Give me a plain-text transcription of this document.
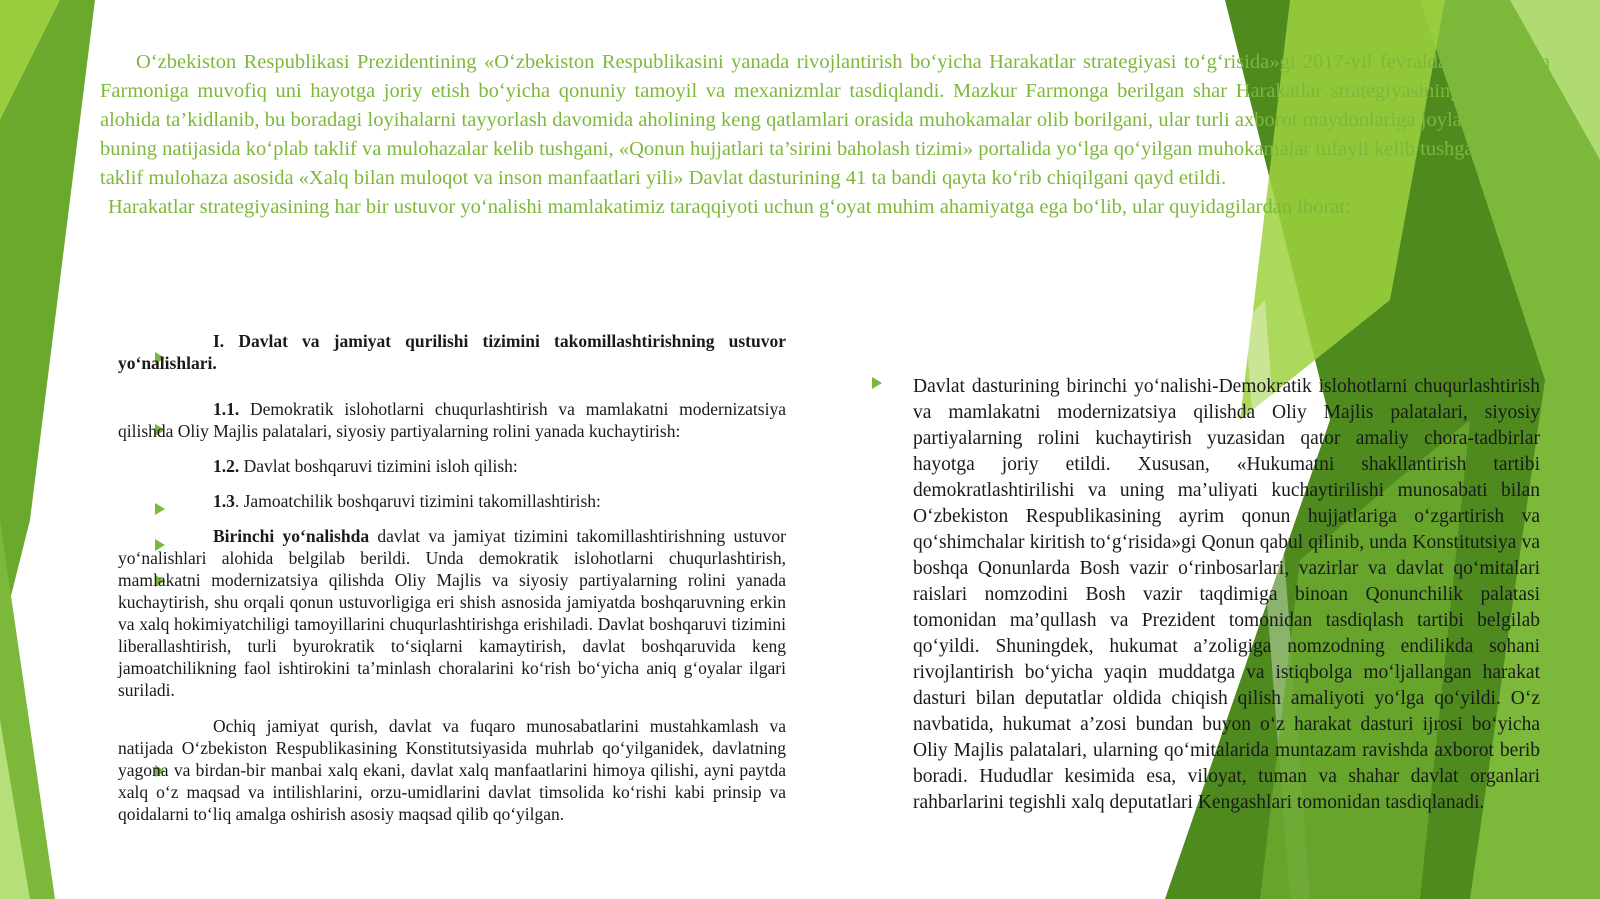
O‘zbekiston Respublikasi Prezidentining «O‘zbekiston Respublikasini yanada rivojlantirish bo‘yicha Harakatlar strategiyasi to‘g‘risida»gi 2017-yil fevralda imzolangan Farmoniga muvofiq uni hayotga joriy etish bo‘yicha qonuniy tamoyil va mexanizmlar tasdiqlandi. Mazkur Farmonga berilgan shar Harakatlar strategiyasining aqamiyati alohida ta’kidlanib, bu boradagi loyihalarni tayyorlash davomida aholining keng qatlamlari orasida muhokamalar olib borilgani, ular turli axborot maydonlariga joylashtirilgani, buning natijasida ko‘plab taklif va mulohazalar kelib tushgani, «Qonun hujjatlari ta’sirini baholash tizimi» portalida yo‘lga qo‘yilgan muhokamalar tufayli kelib tushgan 1310 ta taklif mulohaza asosida «Xalq bilan muloqot va inson manfaatlari yili» Davlat dasturining 41 ta bandi qayta ko‘rib chiqilgani qayd etildi.

Harakatlar strategiyasining har bir ustuvor yo‘nalishi mamlakatimiz taraqqiyoti uchun g‘oyat muhim ahamiyatga ega bo‘lib, ular quyidagilardan iborat:

I. Davlat va jamiyat qurilishi tizimini takomillashtirishning ustuvor yo‘nalishlari.

1.1. Demokratik islohotlarni chuqurlashtirish va mamlakatni modernizatsiya qilishda Oliy Majlis palatalari, siyosiy partiyalarning rolini yanada kuchaytirish:

1.2. Davlat boshqaruvi tizimini isloh qilish:

1.3. Jamoatchilik boshqaruvi tizimini takomillashtirish:

Birinchi yo‘nalishda davlat va jamiyat tizimini takomillashtirishning ustuvor yo‘nalishlari alohida belgilab berildi. Unda demokratik islohotlarni chuqurlashtirish, mamlakatni modernizatsiya qilishda Oliy Majlis va siyosiy partiyalarning rolini yanada kuchaytirish, shu orqali qonun ustuvorligiga eri shish asnosida jamiyatda boshqaruvning erkin va xalq hokimiyatchiligi tamoyillarini chuqurlashtirishga erishiladi. Davlat boshqaruvi tizimini liberallashtirish, turli byurokratik to‘siqlarni kamaytirish, davlat boshqaruvida keng jamoatchilikning faol ishtirokini ta’minlash choralarini ko‘rish bo‘yicha aniq g‘oyalar ilgari suriladi.

Ochiq jamiyat qurish, davlat va fuqaro munosabatlarini mustahkamlash va natijada O‘zbekiston Respublikasining Konstitutsiyasida muhrlab qo‘yilganidek, davlatning yagona va birdan-bir manbai xalq ekani, davlat xalq manfaatlarini himoya qilishi, ayni paytda xalq o‘z maqsad va intilishlarini, orzu-umidlarini davlat timsolida ko‘rishi kabi prinsip va qoidalarni to‘liq amalga oshirish asosiy maqsad qilib qo‘yilgan.

Davlat dasturining birinchi yo‘nalishi-Demokratik islohotlarni chuqurlashtirish va mamlakatni modernizatsiya qilishda Oliy Majlis palatalari, siyosiy partiyalarning rolini kuchaytirish yuzasidan qator amaliy chora-tadbirlar hayotga joriy etildi. Xususan, «Hukumatni shakllantirish tartibi demokratlashtirilishi va uning ma’uliyati kuchaytirilishi munosabati bilan O‘zbekiston Respublikasining ayrim qonun hujjatlariga o‘zgartirish va qo‘shimchalar kiritish to‘g‘risida»gi Qonun qabul qilinib, unda Konstitutsiya va boshqa Qonunlarda Bosh vazir o‘rinbosarlari, vazirlar va davlat qo‘mitalari raislari nomzodini Bosh vazir taqdimiga binoan Qonunchilik palatasi tomonidan ma’qullash va Prezident tomonidan tasdiqlash tartibi belgilab qo‘yildi. Shuningdek, hukumat a’zoligiga nomzodning endilikda sohani rivojlantirish bo‘yicha yaqin muddatga va istiqbolga mo‘ljallangan harakat dasturi bilan deputatlar oldida chiqish qilish amaliyoti yo‘lga qo‘yildi. O‘z navbatida, hukumat a’zosi bundan buyon o‘z harakat dasturi ijrosi bo‘yicha Oliy Majlis palatalari, ularning qo‘mitalarida muntazam ravishda axborot berib boradi. Hududlar kesimida esa, viloyat, tuman va shahar davlat organlari rahbarlarini tegishli xalq deputatlari Kengashlari tomonidan tasdiqlanadi.
